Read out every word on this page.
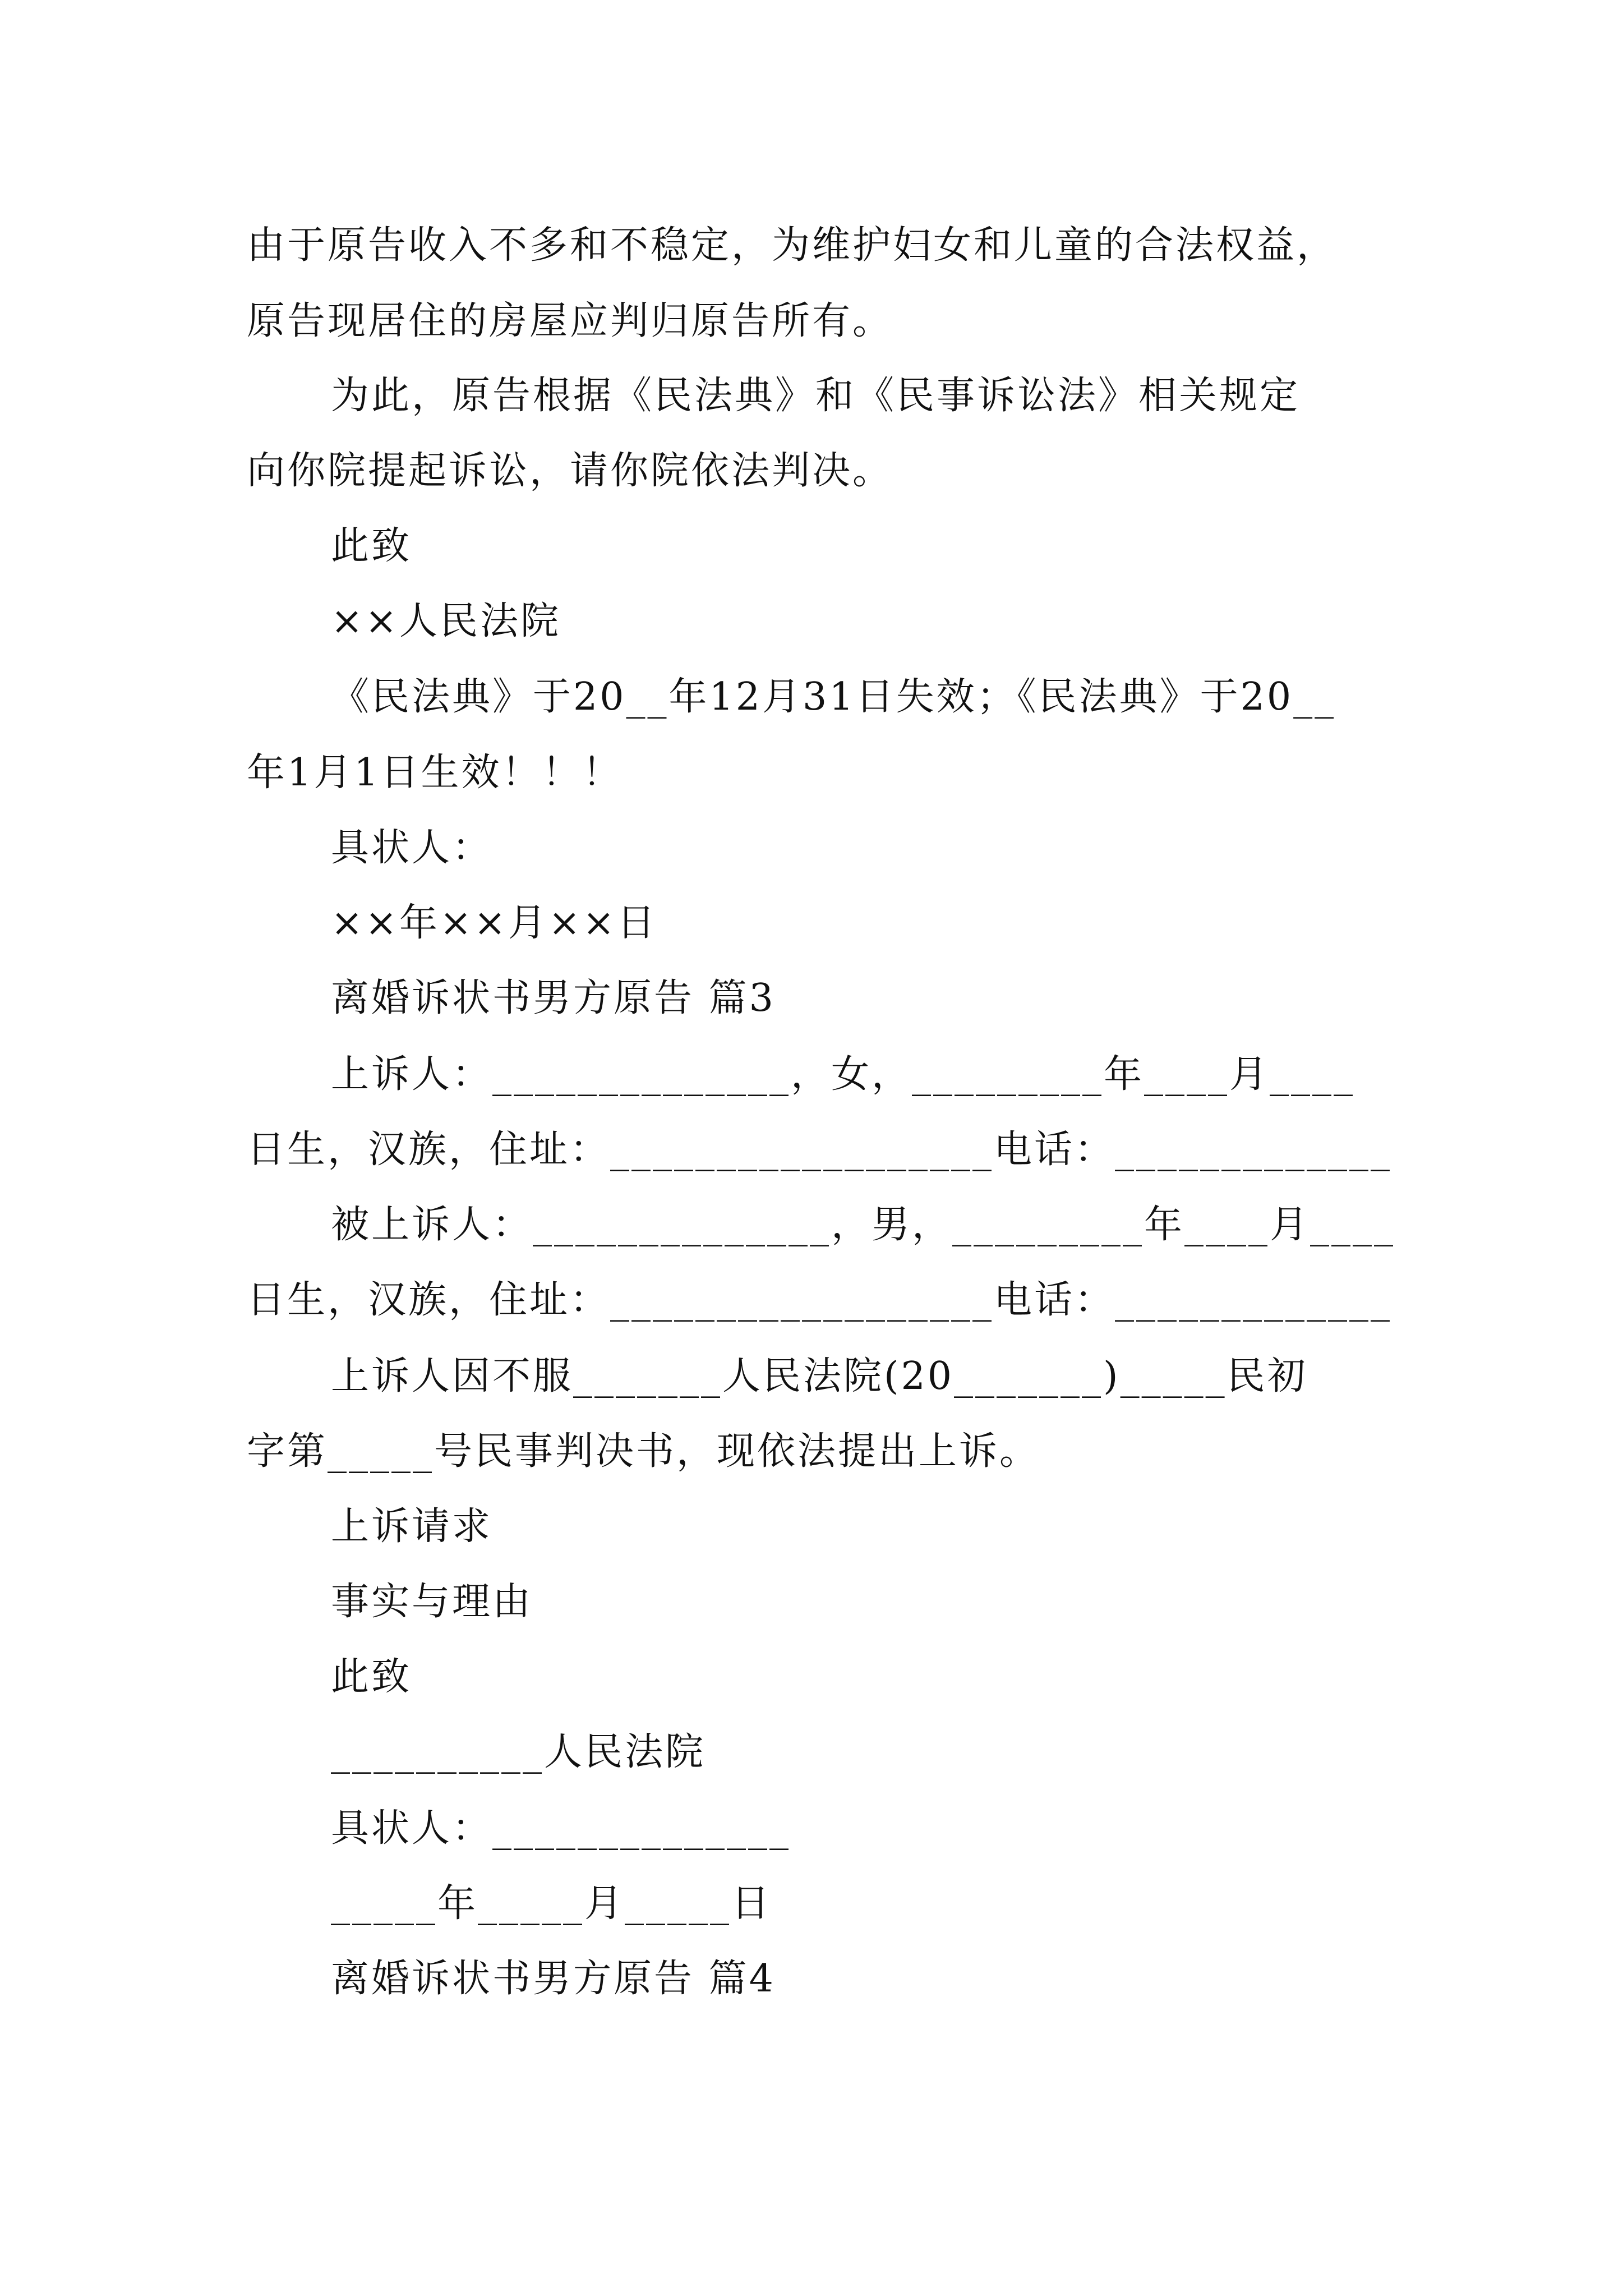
由于原告收入不多和不稳定，为维护妇女和儿童的合法权益，
原告现居住的房屋应判归原告所有。
为此，原告根据《民法典》和《民事诉讼法》相关规定
向你院提起诉讼，请你院依法判决。
此致
××人民法院
《民法典》于20__年12月31日失效；《民法典》于20__
年1月1日生效！！！
具状人：
××年××月××日
离婚诉状书男方原告 篇3
上诉人：______________，女，_________年____月____
日生，汉族，住址：__________________电话：_____________
被上诉人：______________，男，_________年____月____
日生，汉族，住址：__________________电话：_____________
上诉人因不服_______人民法院(20_______)_____民初
字第_____号民事判决书，现依法提出上诉。
上诉请求
事实与理由
此致
__________人民法院
具状人：______________
_____年_____月_____日
离婚诉状书男方原告 篇4
